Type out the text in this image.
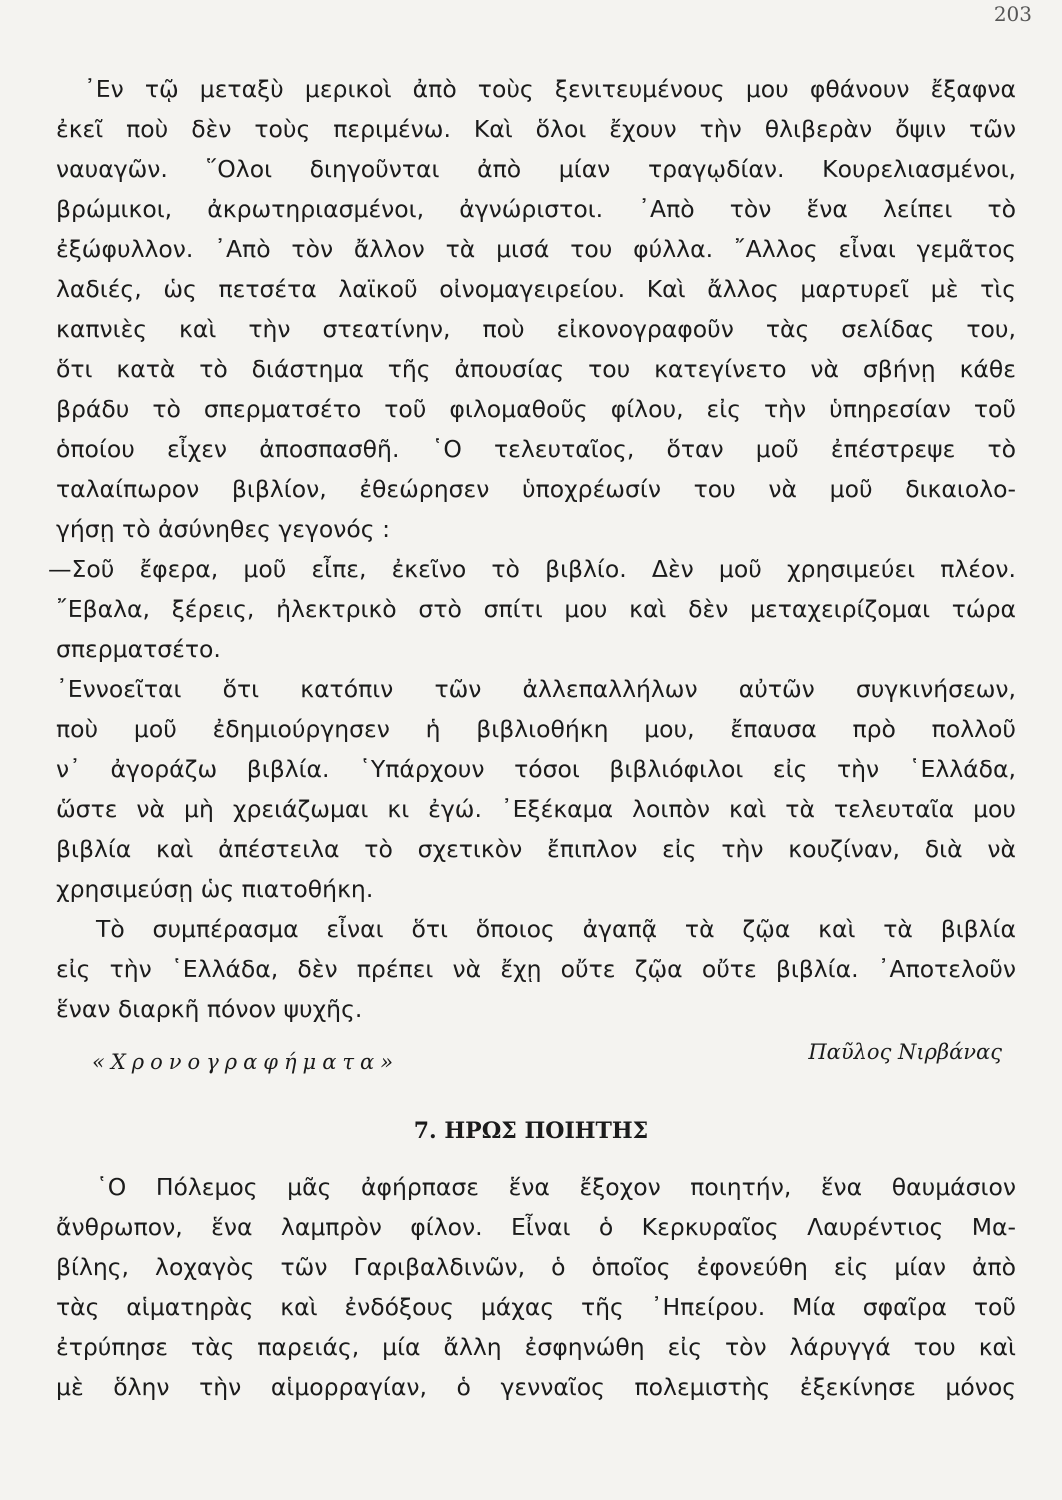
203
᾿Εν τῷ μεταξὺ μερικοὶ ἀπὸ τοὺς ξενιτευμένους μου φθάνουν ἔξαφνα
ἐκεῖ ποὺ δὲν τοὺς περιμένω. Καὶ ὅλοι ἔχουν τὴν θλιβερὰν ὄψιν τῶν
ναυαγῶν. ῞Ολοι διηγοῦνται ἀπὸ μίαν τραγῳδίαν. Κουρελιασμένοι,
βρώμικοι, ἀκρωτηριασμένοι, ἀγνώριστοι. ᾿Απὸ τὸν ἕνα λείπει τὸ
ἐξώφυλλον. ᾿Απὸ τὸν ἄλλον τὰ μισά του φύλλα. ῎Αλλος εἶναι γεμᾶτος
λαδιές, ὡς πετσέτα λαϊκοῦ οἰνομαγειρείου. Καὶ ἄλλος μαρτυρεῖ μὲ τὶς
καπνιὲς καὶ τὴν στεατίνην, ποὺ εἰκονογραφοῦν τὰς σελίδας του,
ὅτι κατὰ τὸ διάστημα τῆς ἀπουσίας του κατεγίνετο νὰ σβήνῃ κάθε
βράδυ τὸ σπερματσέτο τοῦ φιλομαθοῦς φίλου, εἰς τὴν ὑπηρεσίαν τοῦ
ὁποίου εἶχεν ἀποσπασθῆ. ῾Ο τελευταῖος, ὅταν μοῦ ἐπέστρεψε τὸ
ταλαίπωρον βιβλίον, ἐθεώρησεν ὑποχρέωσίν του νὰ μοῦ δικαιολο-
γήσῃ τὸ ἀσύνηθες γεγονός :
—Σοῦ ἔφερα, μοῦ εἶπε, ἐκεῖνο τὸ βιβλίο. Δὲν μοῦ χρησιμεύει πλέον.
῎Εβαλα, ξέρεις, ἠλεκτρικὸ στὸ σπίτι μου καὶ δὲν μεταχειρίζομαι τώρα
σπερματσέτο.
᾿Εννοεῖται ὅτι κατόπιν τῶν ἀλλεπαλλήλων αὐτῶν συγκινήσεων,
ποὺ μοῦ ἐδημιούργησεν ἡ βιβλιοθήκη μου, ἔπαυσα πρὸ πολλοῦ
ν᾿ ἀγοράζω βιβλία. ῾Υπάρχουν τόσοι βιβλιόφιλοι εἰς τὴν ῾Ελλάδα,
ὥστε νὰ μὴ χρειάζωμαι κι ἐγώ. ᾿Εξέκαμα λοιπὸν καὶ τὰ τελευταῖα μου
βιβλία καὶ ἀπέστειλα τὸ σχετικὸν ἔπιπλον εἰς τὴν κουζίναν, διὰ νὰ
χρησιμεύσῃ ὡς πιατοθήκη.
Τὸ συμπέρασμα εἶναι ὅτι ὅποιος ἀγαπᾷ τὰ ζῷα καὶ τὰ βιβλία
εἰς τὴν ῾Ελλάδα, δὲν πρέπει νὰ ἔχῃ οὔτε ζῷα οὔτε βιβλία. ᾿Αποτελοῦν
ἕναν διαρκῆ πόνον ψυχῆς.
Παῦλος Νιρβάνας
«Χρονογραφήματα»
7. ΗΡΩΣ ΠΟΙΗΤΗΣ
῾Ο Πόλεμος μᾶς ἀφήρπασε ἕνα ἔξοχον ποιητήν, ἕνα θαυμάσιον
ἄνθρωπον, ἕνα λαμπρὸν φίλον. Εἶναι ὁ Κερκυραῖος Λαυρέντιος Μα-
βίλης, λοχαγὸς τῶν Γαριβαλδινῶν, ὁ ὁποῖος ἐφονεύθη εἰς μίαν ἀπὸ
τὰς αἱματηρὰς καὶ ἐνδόξους μάχας τῆς ᾿Ηπείρου. Μία σφαῖρα τοῦ
ἐτρύπησε τὰς παρειάς, μία ἄλλη ἐσφηνώθη εἰς τὸν λάρυγγά του καὶ
μὲ ὅλην τὴν αἱμορραγίαν, ὁ γενναῖος πολεμιστὴς ἐξεκίνησε μόνος
